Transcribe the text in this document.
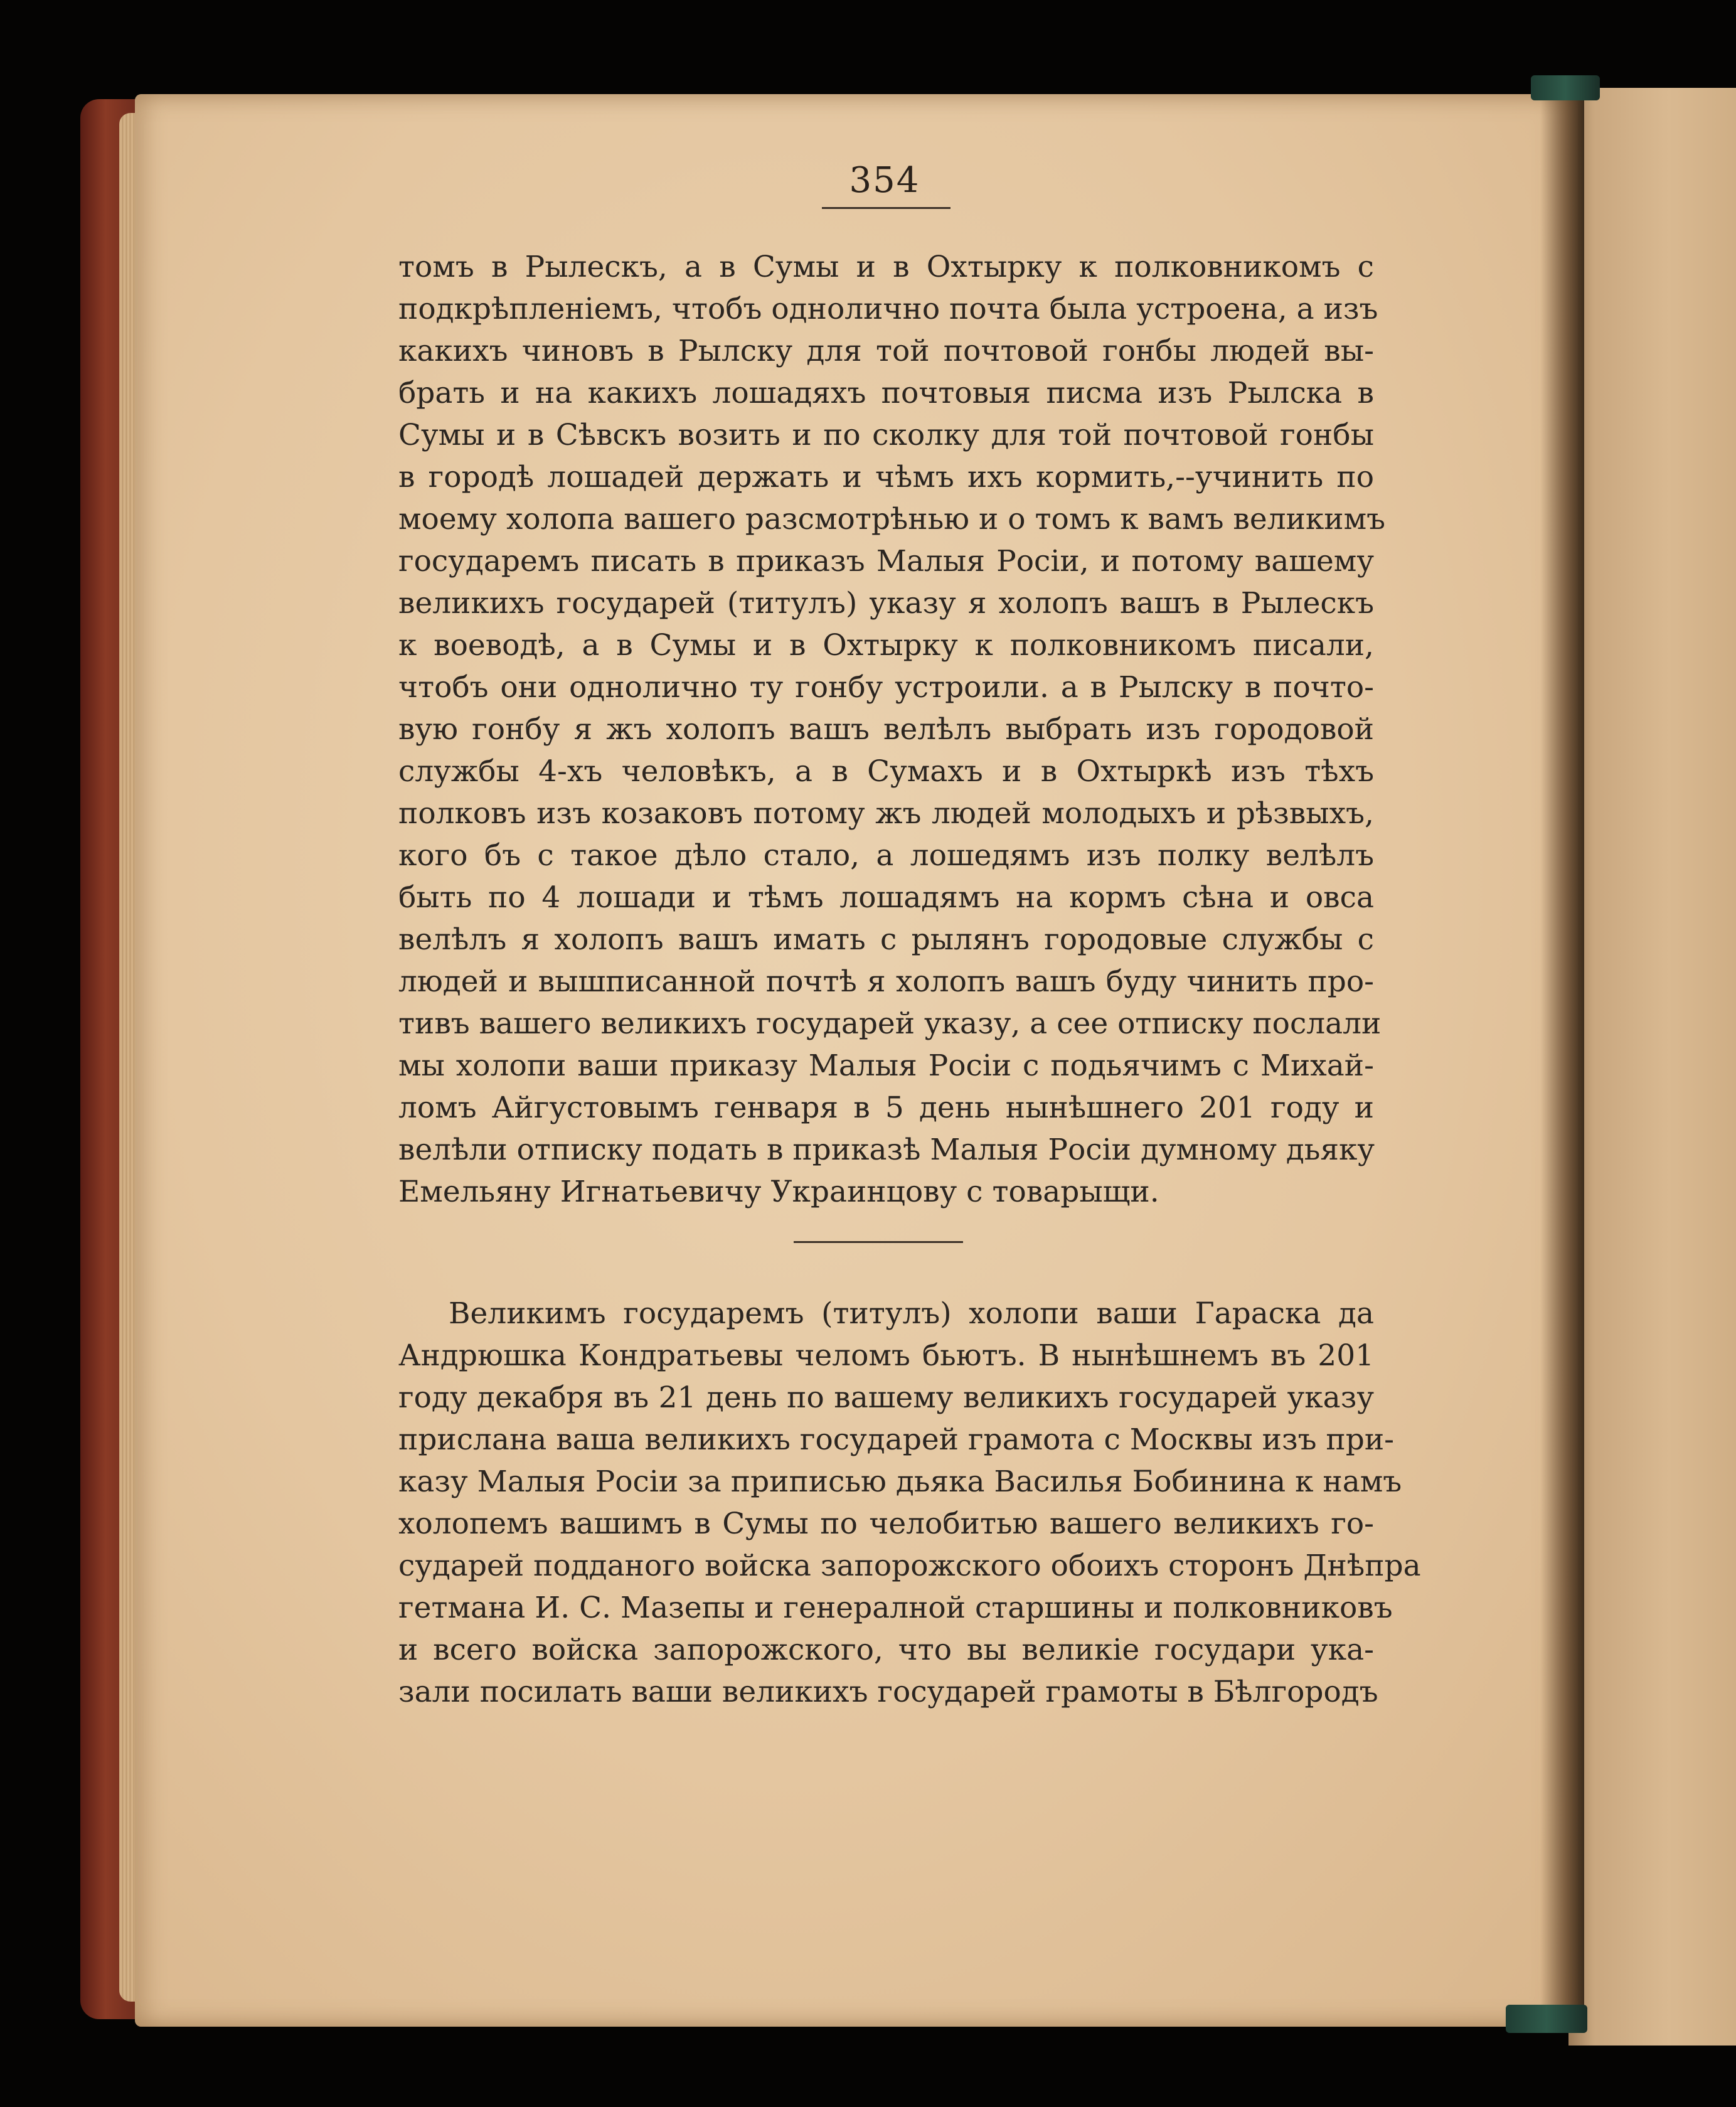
354
томъ в Рылескъ, а в Сумы и в Охтырку к полковникомъ с
подкрѣпленіемъ, чтобъ однолично почта была устроена, а изъ
какихъ чиновъ в Рылску для той почтовой гонбы людей вы-
брать и на какихъ лошадяхъ почтовыя писма изъ Рылска в
Сумы и в Сѣвскъ возить и по сколку для той почтовой гонбы
в городѣ лошадей держать и чѣмъ ихъ кормить,--учинить по
моему холопа вашего разсмотрѣнью и о томъ к вамъ великимъ
государемъ писать в приказъ Малыя Росіи, и потому вашему
великихъ государей (титулъ) указу я холопъ вашъ в Рылескъ
к воеводѣ, а в Сумы и в Охтырку к полковникомъ писали,
чтобъ они однолично ту гонбу устроили. а в Рылску в почто-
вую гонбу я жъ холопъ вашъ велѣлъ выбрать изъ городовой
службы 4-хъ человѣкъ, а в Сумахъ и в Охтыркѣ изъ тѣхъ
полковъ изъ козаковъ потому жъ людей молодыхъ и рѣзвыхъ,
кого бъ с такое дѣло стало, а лошедямъ изъ полку велѣлъ
быть по 4 лошади и тѣмъ лошадямъ на кормъ сѣна и овса
велѣлъ я холопъ вашъ имать с рылянъ городовые службы с
людей и вышписанной почтѣ я холопъ вашъ буду чинить про-
тивъ вашего великихъ государей указу, а сее отписку послали
мы холопи ваши приказу Малыя Росіи с подьячимъ с Михай-
ломъ Айгустовымъ генваря в 5 день нынѣшнего 201 году и
велѣли отписку подать в приказѣ Малыя Росіи думному дьяку
Емельяну Игнатьевичу Украинцову с товарыщи.
Великимъ государемъ (титулъ) холопи ваши Гараска да
Андрюшка Кондратьевы челомъ бьютъ. В нынѣшнемъ въ 201
году декабря въ 21 день по вашему великихъ государей указу
прислана ваша великихъ государей грамота с Москвы изъ при-
казу Малыя Росіи за приписью дьяка Василья Бобинина к намъ
холопемъ вашимъ в Сумы по челобитью вашего великихъ го-
сударей подданого войска запорожского обоихъ сторонъ Днѣпра
гетмана И. С. Мазепы и генералной старшины и полковниковъ
и всего войска запорожского, что вы великіе государи ука-
зали посилать ваши великихъ государей грамоты в Бѣлгородъ
